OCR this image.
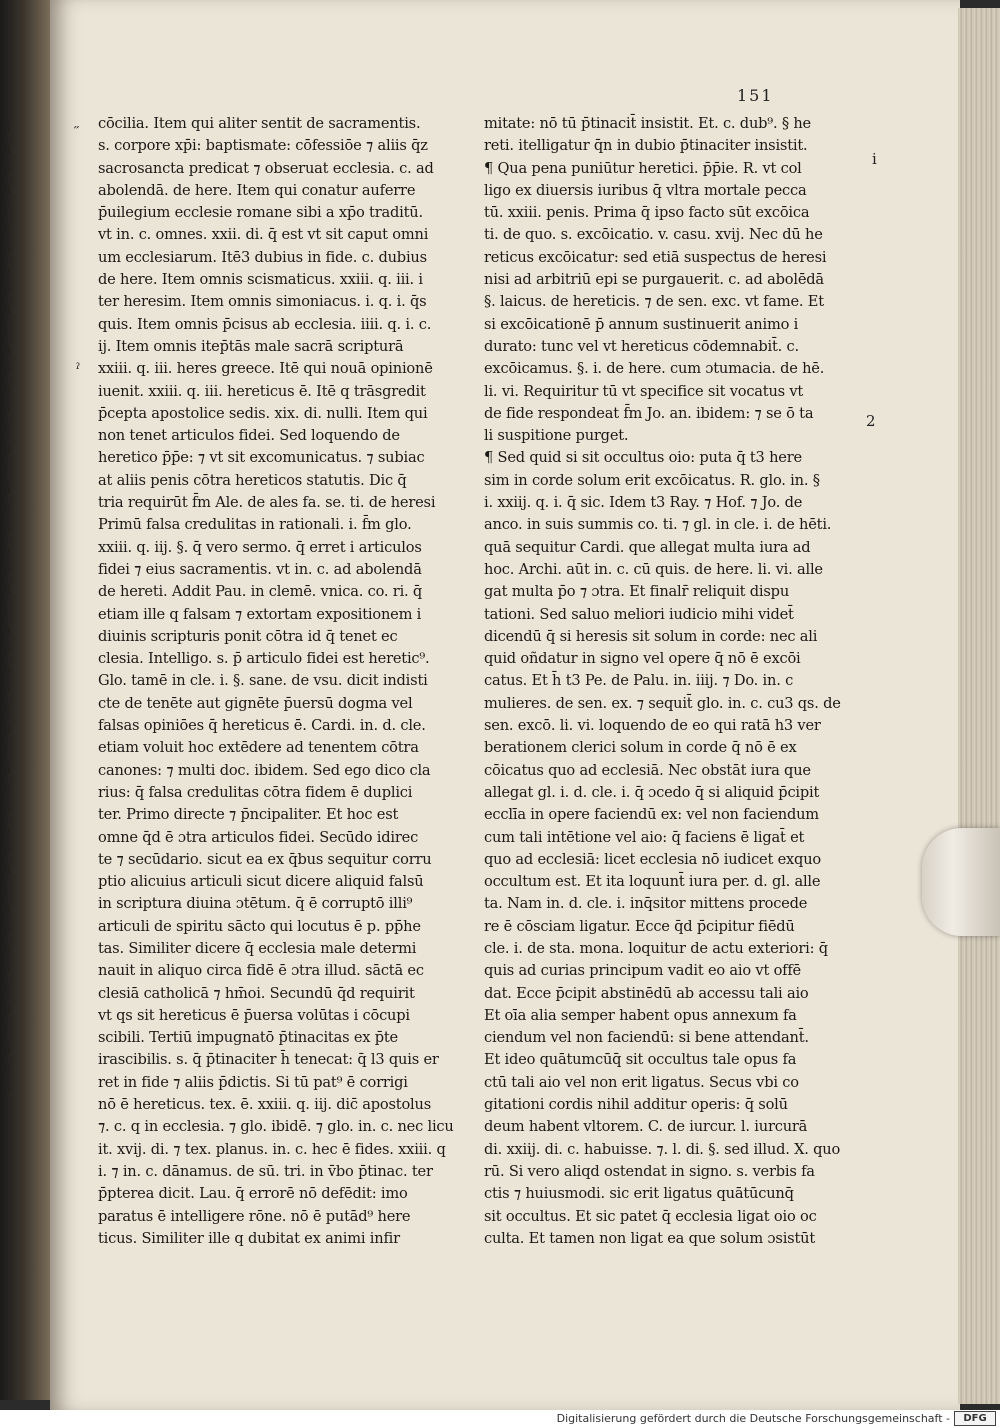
ɔ̄
ũ
ē
ū
ſ
ē
ō
ɔ
ē
ū
ī
ā
ē
ō
ɔ
ē
ū
ī
ā
ē
ō
ɔ
ē
ū
ī
ā
ē
ō
ɔ
ē
ū
ī
ā
ē
ō
ɔ
ē
ū
ī
ā
ē
ō
ɔ
ē
ū
ī
ā
ē
ō
151
˶
ˀ
i
2
cōcilia. Item qui aliter sentit de sacramentis.
s. corpore xp̄i: baptismate: cōfessiōe ⁊ aliis q̄z
sacrosancta predicat ⁊ obseruat ecclesia. c. ad
abolendā. de here. Item qui conatur auferre
p̄uilegium ecclesie romane sibi a xp̄o traditū.
vt in. c. omnes. xxii. di. q̄ est vt sit caput omni
um ecclesiarum. Itē3 dubius in fide. c. dubius
de here. Item omnis scismaticus. xxiii. q. iii. i
ter heresim. Item omnis simoniacus. i. q. i. q̄s
quis. Item omnis p̄cisus ab ecclesia. iiii. q. i. c.
ij. Item omnis itep̄tās male sacrā scripturā
xxiii. q. iii. heres greece. Itē qui nouā opinionē
iuenit. xxiii. q. iii. hereticus ē. Itē q trāsgredit
p̄cepta apostolice sedis. xix. di. nulli. Item qui
non tenet articulos fidei. Sed loquendo de
heretico p̄p̄e: ⁊ vt sit excomunicatus. ⁊ subiac
at aliis penis cōtra hereticos statutis. Dic q̄
tria requirūt f̄m Ale. de ales fa. se. ti. de heresi
Primū falsa credulitas in rationali. i. f̄m glo.
xxiii. q. iij. §. q̄ vero sermo. q̄ erret i articulos
fidei ⁊ eius sacramentis. vt in. c. ad abolendā
de hereti. Addit Pau. in clemē. vnica. co. ri. q̄
etiam ille q falsam ⁊ extortam expositionem i
diuinis scripturis ponit cōtra id q̄ tenet ec
clesia. Intelligo. s. p̄ articulo fidei est heretic⁹.
Glo. tamē in cle. i. §. sane. de vsu. dicit indisti
cte de tenēte aut gignēte p̄uersū dogma vel
falsas opiniōes q̄ hereticus ē. Cardi. in. d. cle.
etiam voluit hoc extēdere ad tenentem cōtra
canones: ⁊ multi doc. ibidem. Sed ego dico cla
rius: q̄ falsa credulitas cōtra fidem ē duplici
ter. Primo directe ⁊ p̄ncipaliter. Et hoc est
omne q̄d ē ɔtra articulos fidei. Secūdo idirec
te ⁊ secūdario. sicut ea ex q̄bus sequitur corru
ptio alicuius articuli sicut dicere aliquid falsū
in scriptura diuina ɔtētum. q̄ ē corruptō illi⁹
articuli de spiritu sācto qui locutus ē p. pp̄he
tas. Similiter dicere q̄ ecclesia male determi
nauit in aliquo circa fidē ē ɔtra illud. sāctā ec
clesiā catholicā ⁊ hm̄oi. Secundū q̄d requirit
vt qs sit hereticus ē p̄uersa volūtas i cōcupi
scibili. Tertiū impugnatō p̄tinacitas ex p̄te
irascibilis. s. q̄ p̄tinaciter h̄ tenecat: q̄ l3 quis er
ret in fide ⁊ aliis p̄dictis. Si tū pat⁹ ē corrigi
nō ē hereticus. tex. ē. xxiii. q. iij. dic̄ apostolus
⁊. c. q in ecclesia. ⁊ glo. ibidē. ⁊ glo. in. c. nec licu
it. xvij. di. ⁊ tex. planus. in. c. hec ē fides. xxiii. q
i. ⁊ in. c. dānamus. de sū. tri. in v̄bo p̄tinac. ter
p̄pterea dicit. Lau. q̄ errorē nō defēdit: imo
paratus ē intelligere rōne. nō ē putād⁹ here
ticus. Similiter ille q dubitat ex animi infir
mitate: nō tū p̄tinacit̄ insistit. Et. c. dub⁹. § he
reti. itelligatur q̄n in dubio p̄tinaciter insistit.
¶ Qua pena puniūtur heretici. p̄p̄ie. R. vt col
ligo ex diuersis iuribus q̄ vltra mortale pecca
tū. xxiii. penis. Prima q̄ ipso facto sūt excōica
ti. de quo. s. excōicatio. v. casu. xvij. Nec dū he
reticus excōicatur: sed etiā suspectus de heresi
nisi ad arbitriū epi se purgauerit. c. ad abolēdā
§. laicus. de hereticis. ⁊ de sen. exc. vt fame. Et
si excōicationē p̄ annum sustinuerit animo i
durato: tunc vel vt hereticus cōdemnabit̄. c.
excōicamus. §. i. de here. cum ɔtumacia. de hē.
li. vi. Requiritur tū vt specifice sit vocatus vt
de fide respondeat f̄m Jo. an. ibidem: ⁊ se ō ta
li suspitione purget.
¶ Sed quid si sit occultus oio: puta q̄ t3 here
sim in corde solum erit excōicatus. R. glo. in. §
i. xxiij. q. i. q̄ sic. Idem t3 Ray. ⁊ Hof. ⁊ Jo. de
anco. in suis summis co. ti. ⁊ gl. in cle. i. de hēti.
quā sequitur Cardi. que allegat multa iura ad
hoc. Archi. aūt in. c. cū quis. de here. li. vi. alle
gat multa p̄o ⁊ ɔtra. Et finalr̄ reliquit dispu
tationi. Sed saluo meliori iudicio mihi videt̄
dicendū q̄ si heresis sit solum in corde: nec ali
quid oñdatur in signo vel opere q̄ nō ē excōi
catus. Et h̄ t3 Pe. de Palu. in. iiij. ⁊ Do. in. c
mulieres. de sen. ex. ⁊ sequit̄ glo. in. c. cu3 qs. de
sen. excō. li. vi. loquendo de eo qui ratā h3 ver
berationem clerici solum in corde q̄ nō ē ex
cōicatus quo ad ecclesiā. Nec obstāt iura que
allegat gl. i. d. cle. i. q̄ ɔcedo q̄ si aliquid p̄cipit
ecclīa in opere faciendū ex: vel non faciendum
cum tali intētione vel aio: q̄ faciens ē ligat̄ et
quo ad ecclesiā: licet ecclesia nō iudicet exquo
occultum est. Et ita loquunt̄ iura per. d. gl. alle
ta. Nam in. d. cle. i. inq̄sitor mittens procede
re ē cōsciam ligatur. Ecce q̄d p̄cipitur fiēdū
cle. i. de sta. mona. loquitur de actu exteriori: q̄
quis ad curias principum vadit eo aio vt offē
dat. Ecce p̄cipit abstinēdū ab accessu tali aio
Et oīa alia semper habent opus annexum fa
ciendum vel non faciendū: si bene attendant̄.
Et ideo quātumcūq̄ sit occultus tale opus fa
ctū tali aio vel non erit ligatus. Secus vbi co
gitationi cordis nihil additur operis: q̄ solū
deum habent vltorem. C. de iurcur. l. iurcurā
di. xxiij. di. c. habuisse. ⁊. l. di. §. sed illud. X. quo
rū. Si vero aliqd ostendat in signo. s. verbis fa
ctis ⁊ huiusmodi. sic erit ligatus quātūcunq̄
sit occultus. Et sic patet q̄ ecclesia ligat oio oc
culta. Et tamen non ligat ea que solum ɔsistūt
Digitalisierung gefördert durch die Deutsche Forschungsgemeinschaft -	DFG
